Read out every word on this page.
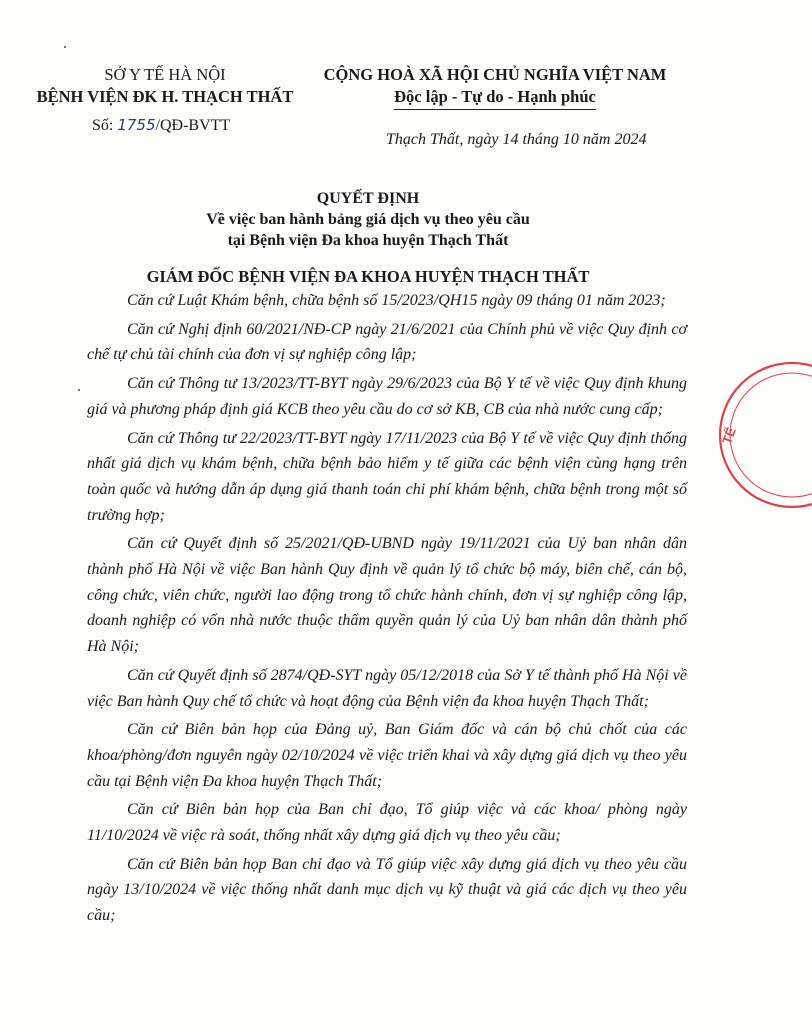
SỞ Y TẾ HÀ NỘI
BỆNH VIỆN ĐK H. THẠCH THẤT
Số: 1755/QĐ-BVTT
CỘNG HOÀ XÃ HỘI CHỦ NGHĨA VIỆT NAM
Độc lập - Tự do - Hạnh phúc
Thạch Thất, ngày 14 tháng 10 năm 2024
QUYẾT ĐỊNH
Về việc ban hành bảng giá dịch vụ theo yêu cầu
tại Bệnh viện Đa khoa huyện Thạch Thất
GIÁM ĐỐC BỆNH VIỆN ĐA KHOA HUYỆN THẠCH THẤT

Căn cứ Luật Khám bệnh, chữa bệnh số 15/2023/QH15 ngày 09 tháng 01 năm 2023;

Căn cứ Nghị định 60/2021/NĐ-CP ngày 21/6/2021 của Chính phủ về việc Quy định cơ chế tự chủ tài chính của đơn vị sự nghiệp công lập;

Căn cứ Thông tư 13/2023/TT-BYT ngày 29/6/2023 của Bộ Y tế về việc Quy định khung giá và phương pháp định giá KCB theo yêu cầu do cơ sở KB, CB của nhà nước cung cấp;

Căn cứ Thông tư 22/2023/TT-BYT ngày 17/11/2023 của Bộ Y tế về việc Quy định thống nhất giá dịch vụ khám bệnh, chữa bệnh bảo hiểm y tế giữa các bệnh viện cùng hạng trên toàn quốc và hướng dẫn áp dụng giá thanh toán chi phí khám bệnh, chữa bệnh trong một số trường hợp;

Căn cứ Quyết định số 25/2021/QĐ-UBND ngày 19/11/2021 của Uỷ ban nhân dân thành phố Hà Nội về việc Ban hành Quy định về quản lý tổ chức bộ máy, biên chế, cán bộ, công chức, viên chức, người lao động trong tổ chức hành chính, đơn vị sự nghiệp công lập, doanh nghiệp có vốn nhà nước thuộc thẩm quyền quản lý của Uỷ ban nhân dân thành phố Hà Nội;

Căn cứ Quyết định số 2874/QĐ-SYT ngày 05/12/2018 của Sở Y tế thành phố Hà Nội về việc Ban hành Quy chế tổ chức và hoạt động của Bệnh viện đa khoa huyện Thạch Thất;

Căn cứ Biên bản họp của Đảng uỷ, Ban Giám đốc và cán bộ chủ chốt của các khoa/phòng/đơn nguyên ngày 02/10/2024 về việc triển khai và xây dựng giá dịch vụ theo yêu cầu tại Bệnh viện Đa khoa huyện Thạch Thất;

Căn cứ Biên bản họp của Ban chỉ đạo, Tổ giúp việc và các khoa/ phòng ngày 11/10/2024 về việc rà soát, thống nhất xây dựng giá dịch vụ theo yêu cầu;

Căn cứ Biên bản họp Ban chỉ đạo và Tổ giúp việc xây dựng giá dịch vụ theo yêu cầu ngày 13/10/2024 về việc thống nhất danh mục dịch vụ kỹ thuật và giá các dịch vụ theo yêu cầu;

TẾ
